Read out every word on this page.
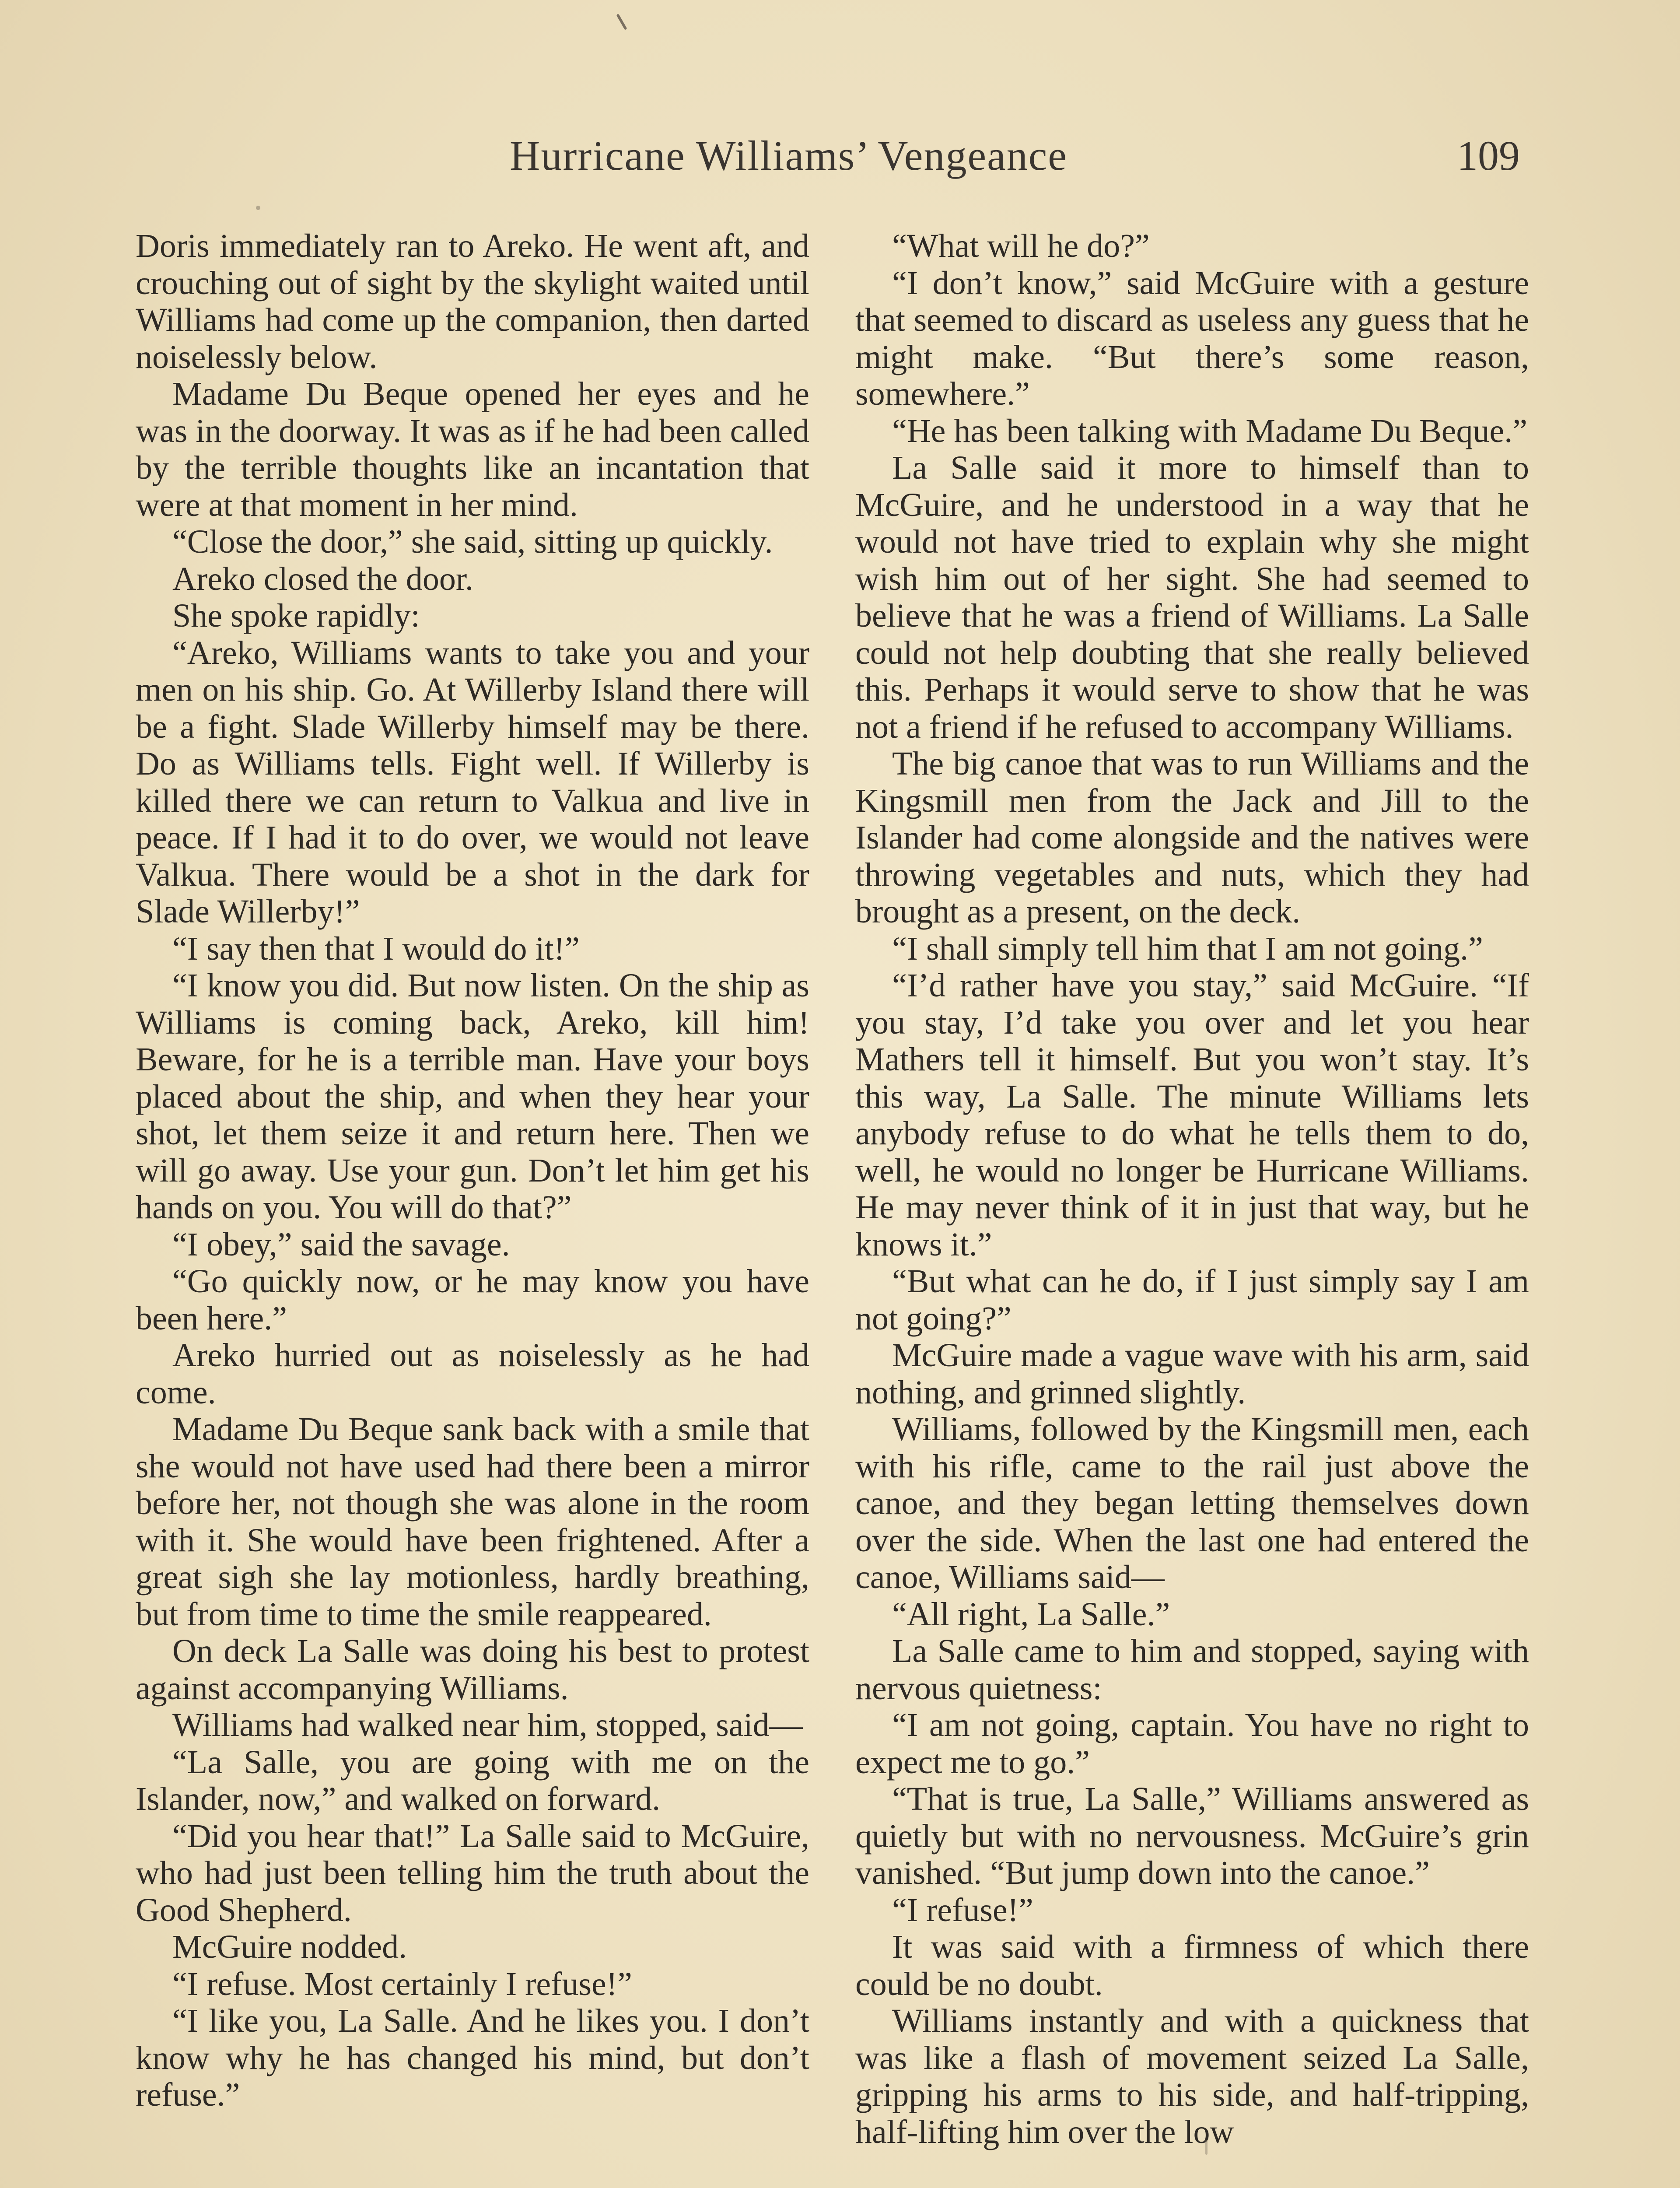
Hurricane Williams’ Vengeance	109

Doris immediately ran to Areko. He went aft, and crouching out of sight by the skylight waited until Williams had come up the companion, then darted noiselessly below.

Madame Du Beque opened her eyes and he was in the doorway. It was as if he had been called by the terrible thoughts like an incantation that were at that moment in her mind.

“Close the door,” she said, sitting up quickly.

Areko closed the door.

She spoke rapidly:

“Areko, Williams wants to take you and your men on his ship. Go. At Willerby Island there will be a fight. Slade Willerby himself may be there. Do as Williams tells. Fight well. If Willerby is killed there we can return to Valkua and live in peace. If I had it to do over, we would not leave Valkua. There would be a shot in the dark for Slade Willerby!”

“I say then that I would do it!”

“I know you did. But now listen. On the ship as Williams is coming back, Areko, kill him! Beware, for he is a terrible man. Have your boys placed about the ship, and when they hear your shot, let them seize it and return here. Then we will go away. Use your gun. Don’t let him get his hands on you. You will do that?”

“I obey,” said the savage.

“Go quickly now, or he may know you have been here.”

Areko hurried out as noiselessly as he had come.

Madame Du Beque sank back with a smile that she would not have used had there been a mirror before her, not though she was alone in the room with it. She would have been frightened. After a great sigh she lay motionless, hardly breathing, but from time to time the smile reappeared.

On deck La Salle was doing his best to protest against accompanying Williams.

Williams had walked near him, stopped, said—

“La Salle, you are going with me on the Islander, now,” and walked on forward.

“Did you hear that!” La Salle said to McGuire, who had just been telling him the truth about the Good Shepherd.

McGuire nodded.

“I refuse. Most certainly I refuse!”

“I like you, La Salle. And he likes you. I don’t know why he has changed his mind, but don’t refuse.”

“What will he do?”

“I don’t know,” said McGuire with a gesture that seemed to discard as useless any guess that he might make. “But there’s some reason, somewhere.”

“He has been talking with Madame Du Beque.”

La Salle said it more to himself than to McGuire, and he understood in a way that he would not have tried to explain why she might wish him out of her sight. She had seemed to believe that he was a friend of Williams. La Salle could not help doubting that she really believed this. Perhaps it would serve to show that he was not a friend if he refused to accompany Williams.

The big canoe that was to run Williams and the Kingsmill men from the Jack and Jill to the Islander had come alongside and the natives were throwing vegetables and nuts, which they had brought as a present, on the deck.

“I shall simply tell him that I am not going.”

“I’d rather have you stay,” said McGuire. “If you stay, I’d take you over and let you hear Mathers tell it himself. But you won’t stay. It’s this way, La Salle. The minute Williams lets anybody refuse to do what he tells them to do, well, he would no longer be Hurricane Williams. He may never think of it in just that way, but he knows it.”

“But what can he do, if I just simply say I am not going?”

McGuire made a vague wave with his arm, said nothing, and grinned slightly.

Williams, followed by the Kingsmill men, each with his rifle, came to the rail just above the canoe, and they began letting themselves down over the side. When the last one had entered the canoe, Williams said—

“All right, La Salle.”

La Salle came to him and stopped, saying with nervous quietness:

“I am not going, captain. You have no right to expect me to go.”

“That is true, La Salle,” Williams answered as quietly but with no nervousness. McGuire’s grin vanished. “But jump down into the canoe.”

“I refuse!”

It was said with a firmness of which there could be no doubt.

Williams instantly and with a quickness that was like a flash of movement seized La Salle, gripping his arms to his side, and half-tripping, half-lifting him over the low
